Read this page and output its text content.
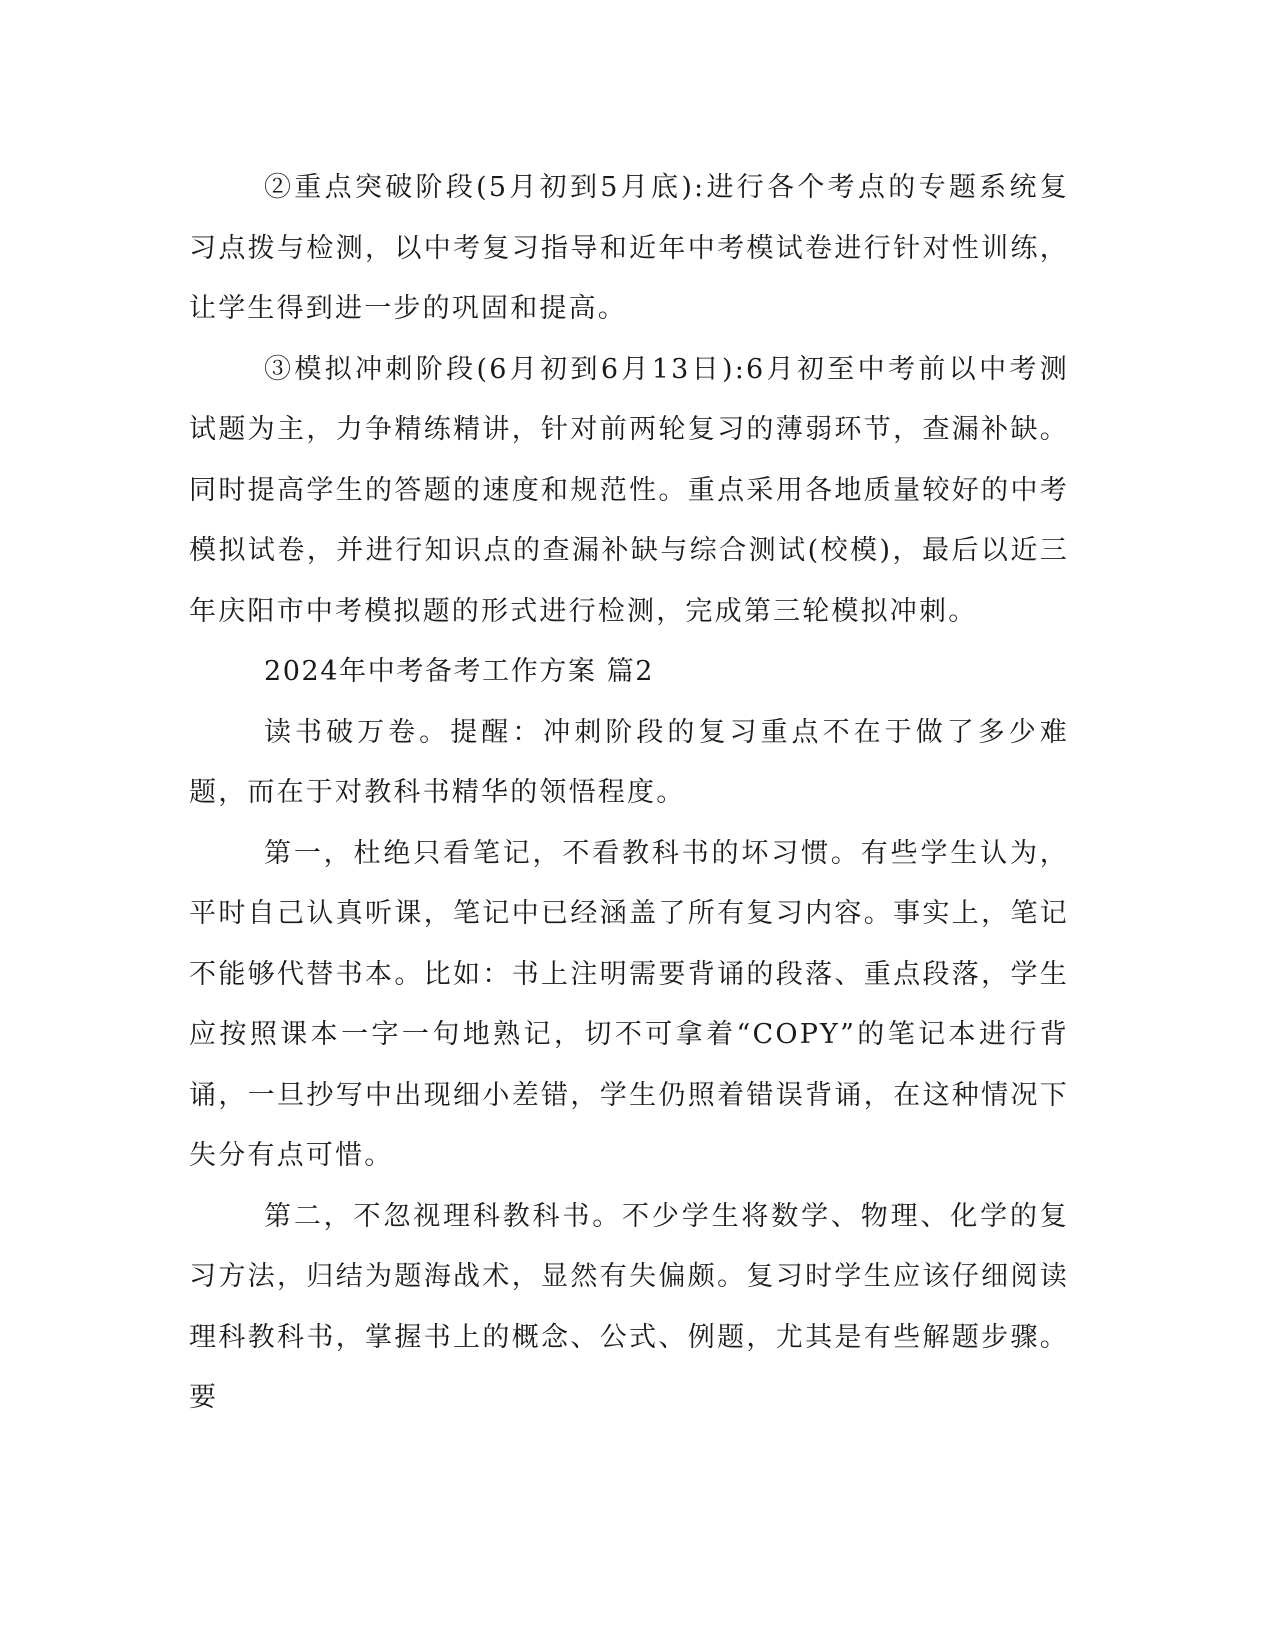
②重点突破阶段(5月初到5月底):进行各个考点的专题系统复习点拨与检测，以中考复习指导和近年中考模试卷进行针对性训练，让学生得到进一步的巩固和提高。

③模拟冲刺阶段(6月初到6月13日):6月初至中考前以中考测试题为主，力争精练精讲，针对前两轮复习的薄弱环节，查漏补缺。同时提高学生的答题的速度和规范性。重点采用各地质量较好的中考模拟试卷，并进行知识点的查漏补缺与综合测试(校模)，最后以近三年庆阳市中考模拟题的形式进行检测，完成第三轮模拟冲刺。

2024年中考备考工作方案 篇2

读书破万卷。提醒：冲刺阶段的复习重点不在于做了多少难题，而在于对教科书精华的领悟程度。

第一，杜绝只看笔记，不看教科书的坏习惯。有些学生认为，平时自己认真听课，笔记中已经涵盖了所有复习内容。事实上，笔记不能够代替书本。比如：书上注明需要背诵的段落、重点段落，学生应按照课本一字一句地熟记，切不可拿着“COPY”的笔记本进行背诵，一旦抄写中出现细小差错，学生仍照着错误背诵，在这种情况下失分有点可惜。

第二，不忽视理科教科书。不少学生将数学、物理、化学的复习方法，归结为题海战术，显然有失偏颇。复习时学生应该仔细阅读理科教科书，掌握书上的概念、公式、例题，尤其是有些解题步骤。要
